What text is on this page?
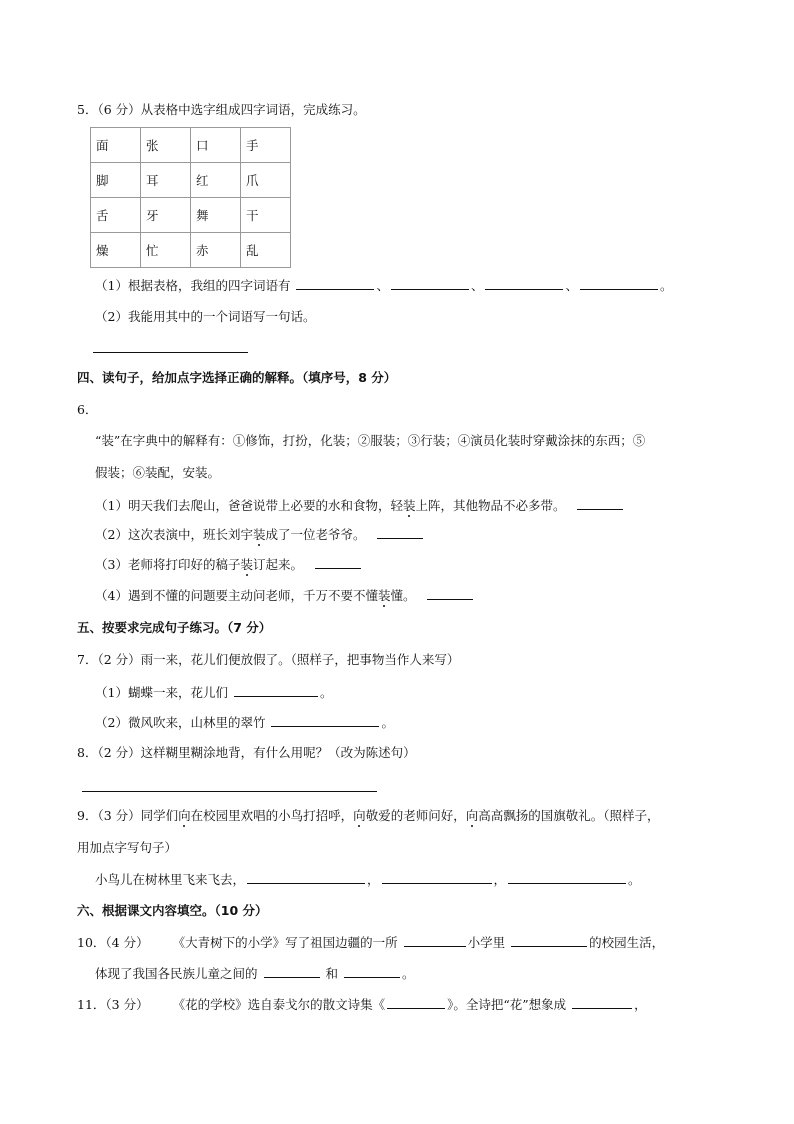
5．（6 分）从表格中选字组成四字词语，完成练习。
面	张	口	手
脚	耳	红	爪
舌	牙	舞	干
燥	忙	赤	乱
（1）根据表格，我组的四字词语有	、	、	、	。
（2）我能用其中的一个词语写一句话。
四、读句子，给加点字选择正确的解释。（填序号，8 分）
6．
“装”在字典中的解释有：①修饰，打扮，化装；②服装；③行装；④演员化装时穿戴涂抹的东西；⑤
假装；⑥装配，安装。
（1）明天我们去爬山，爸爸说带上必要的水和食物，轻装上阵，其他物品不必多带。
（2）这次表演中，班长刘宇装成了一位老爷爷。
（3）老师将打印好的稿子装订起来。
（4）遇到不懂的问题要主动问老师，千万不要不懂装懂。
五、按要求完成句子练习。（7 分）
7．（2 分）雨一来，花儿们便放假了。（照样子，把事物当作人来写）
（1）蝴蝶一来，花儿们	。
（2）微风吹来，山林里的翠竹	。
8．（2 分）这样糊里糊涂地背，有什么用呢？（改为陈述句）
9．（3 分）同学们向在校园里欢唱的小鸟打招呼，向敬爱的老师问好，向高高飘扬的国旗敬礼。（照样子，
用加点字写句子）
小鸟儿在树林里飞来飞去，	，	，	。
六、根据课文内容填空。（10 分）
10．（4 分） 《大青树下的小学》写了祖国边疆的一所	小学里	的校园生活，
体现了我国各民族儿童之间的	和	。
11．（3 分） 《花的学校》选自泰戈尔的散文诗集《	》。全诗把“花”想象成	，
